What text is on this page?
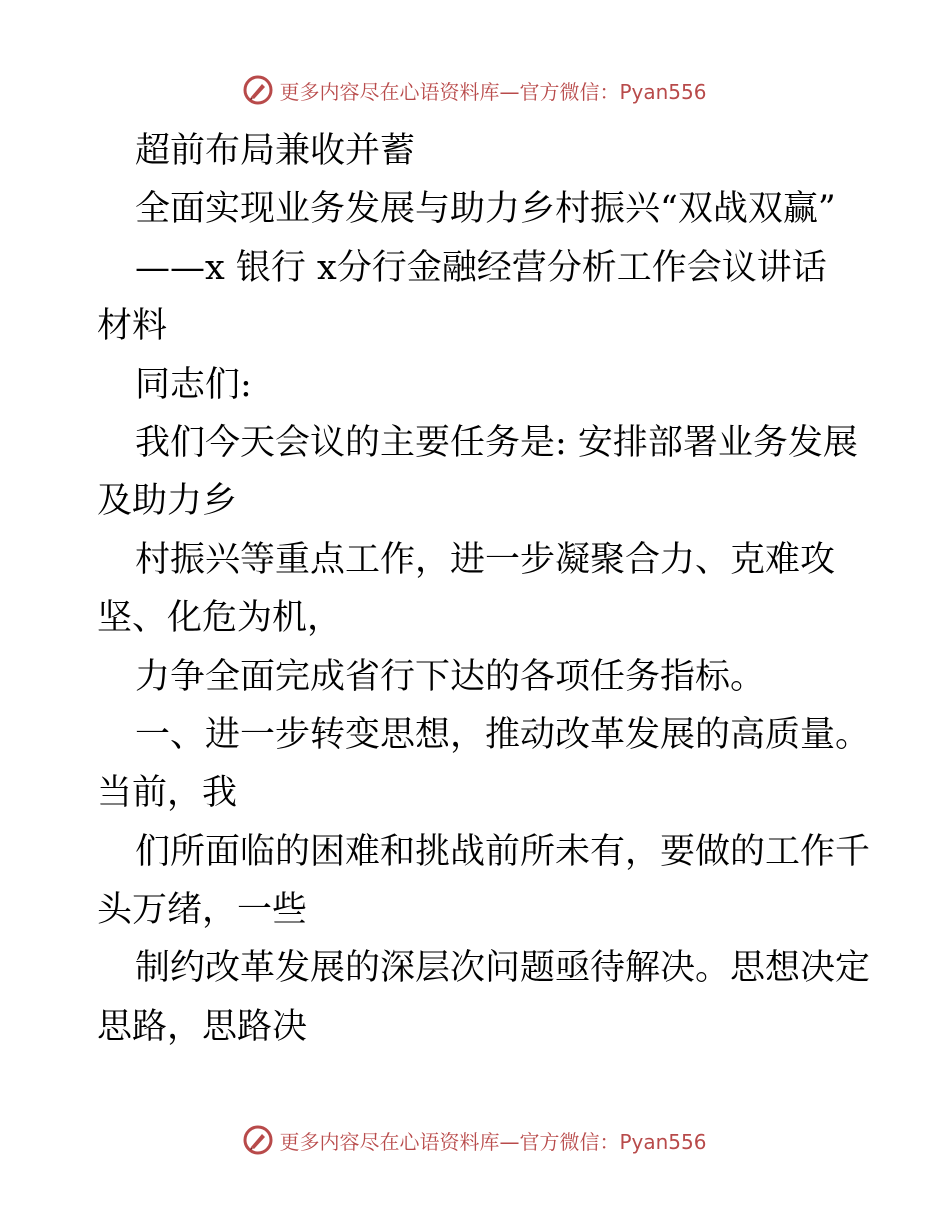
更多内容尽在心语资料库—官方微信：Pyan556
超前布局兼收并蓄
全面实现业务发展与助力乡村振兴“双战双赢”
——x 银行 x分行金融经营分析工作会议讲话
材料
同志们:
我们今天会议的主要任务是: 安排部署业务发展
及助力乡
村振兴等重点工作，进一步凝聚合力、克难攻
坚、化危为机，
力争全面完成省行下达的各项任务指标。
一、进一步转变思想，推动改革发展的高质量。
当前，我
们所面临的困难和挑战前所未有，要做的工作千
头万绪，一些
制约改革发展的深层次问题亟待解决。思想决定
思路，思路决
更多内容尽在心语资料库—官方微信：Pyan556
